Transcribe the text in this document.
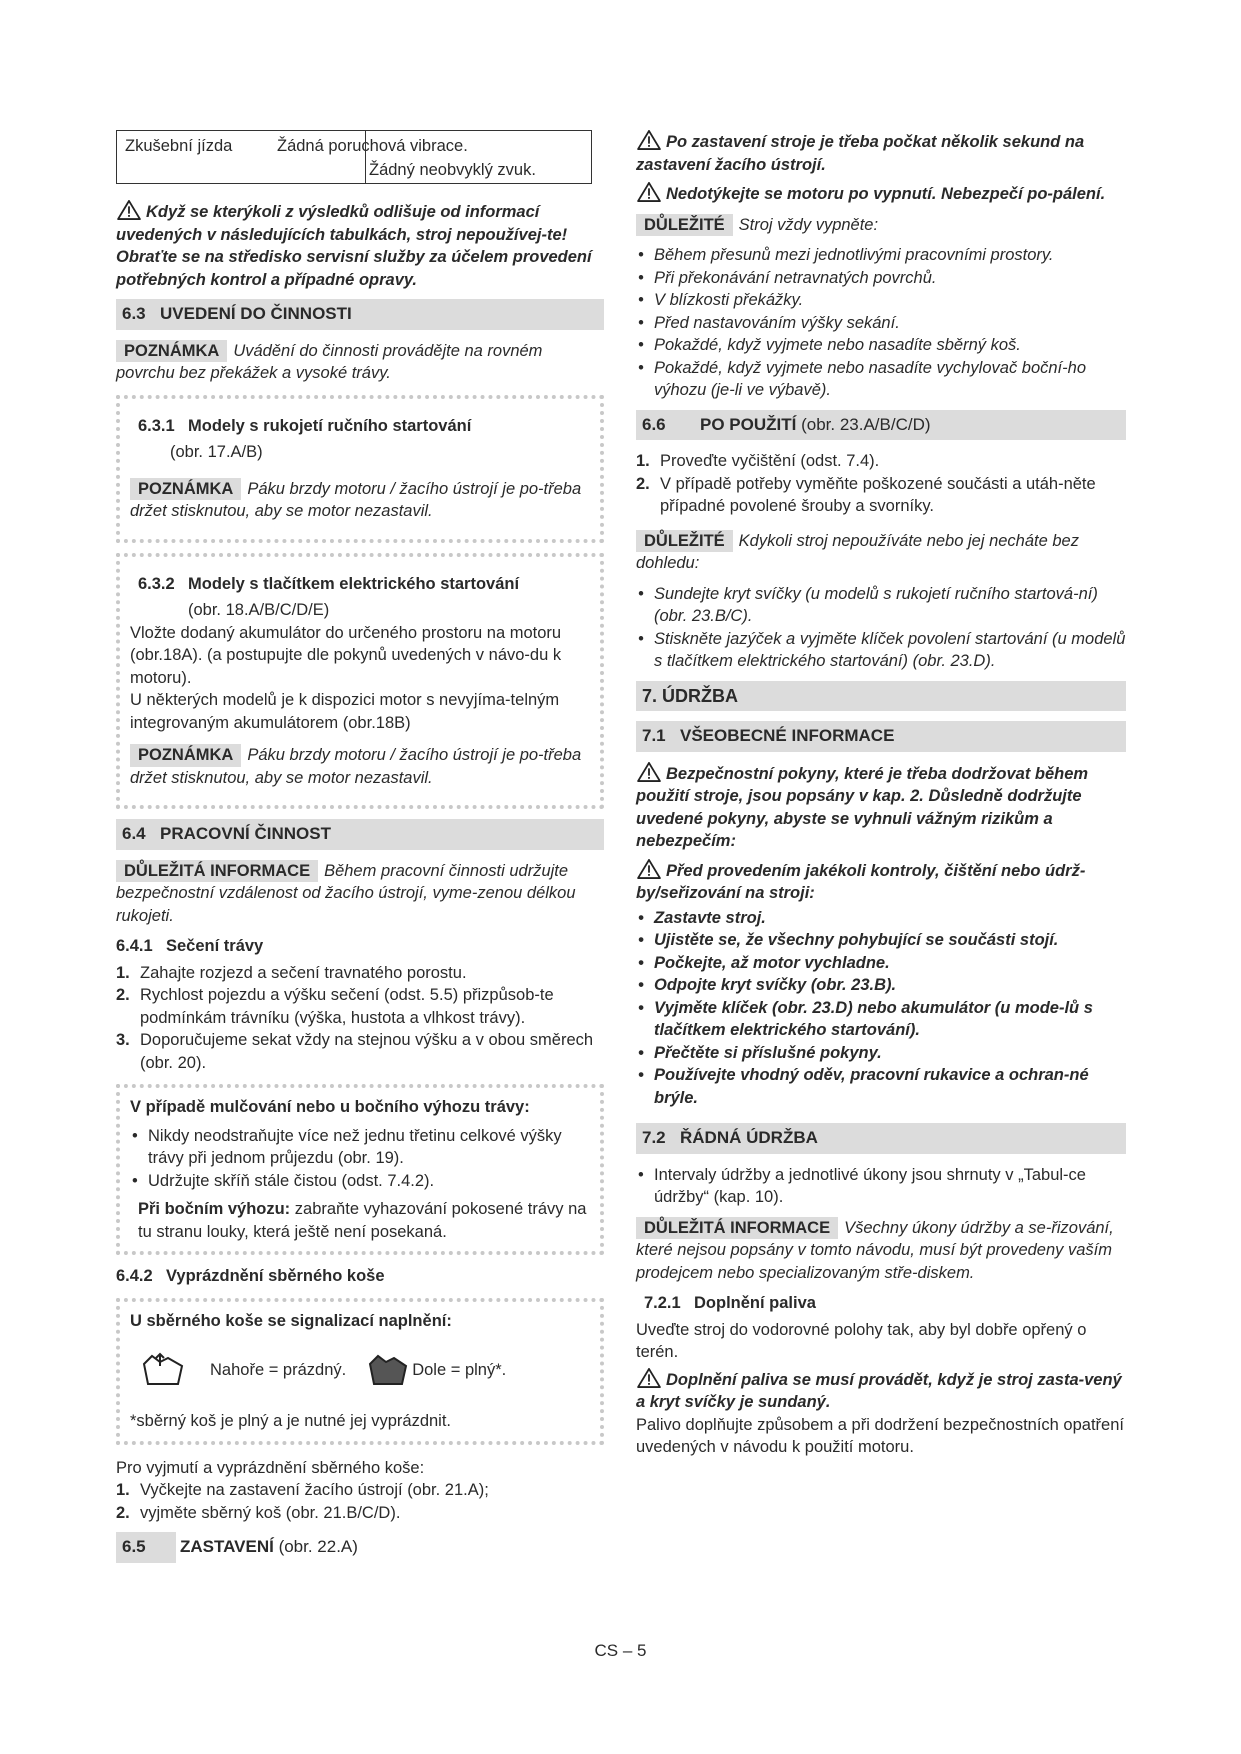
Zkušební jízda	Žádná poruchová vibrace.
Žádný neobvyklý zvuk.

Když se kterýkoli z výsledků odlišuje od informací uvedených v následujících tabulkách, stroj nepoužívej-te! Obraťte se na středisko servisní služby za účelem provedení potřebných kontrol a případné opravy.

6.3 UVEDENÍ DO ČINNOSTI

POZNÁMKA Uvádění do činnosti provádějte na rovném povrchu bez překážek a vysoké trávy.

6.3.1 Modely s rukojetí ručního startování

(obr. 17.A/B)

POZNÁMKA Páku brzdy motoru / žacího ústrojí je po-třeba držet stisknutou, aby se motor nezastavil.

6.3.2 Modely s tlačítkem elektrického startování

(obr. 18.A/B/C/D/E)

Vložte dodaný akumulátor do určeného prostoru na motoru (obr.18A). (a postupujte dle pokynů uvedených v návo-du k motoru).

U některých modelů je k dispozici motor s nevyjíma-telným integrovaným akumulátorem (obr.18B)

POZNÁMKA Páku brzdy motoru / žacího ústrojí je po-třeba držet stisknutou, aby se motor nezastavil.

6.4 PRACOVNÍ ČINNOST

DŮLEŽITÁ INFORMACE Během pracovní činnosti udržujte bezpečnostní vzdálenost od žacího ústrojí, vyme-zenou délkou rukojeti.

6.4.1 Sečení trávy

1. Zahajte rozjezd a sečení travnatého porostu.
2. Rychlost pojezdu a výšku sečení (odst. 5.5) přizpůsob-te podmínkám trávníku (výška, hustota a vlhkost trávy).
3. Doporučujeme sekat vždy na stejnou výšku a v obou směrech (obr. 20).

V případě mulčování nebo u bočního výhozu trávy:

• Nikdy neodstraňujte více než jednu třetinu celkové výšky trávy při jednom průjezdu (obr. 19).
• Udržujte skříň stále čistou (odst. 7.4.2).

Při bočním výhozu: zabraňte vyhazování pokosené trávy na tu stranu louky, která ještě není posekaná.

6.4.2 Vyprázdnění sběrného koše

U sběrného koše se signalizací naplnění:

Nahoře = prázdný.	Dole = plný*.

*sběrný koš je plný a je nutné jej vyprázdnit.

Pro vyjmutí a vyprázdnění sběrného koše:

1. Vyčkejte na zastavení žacího ústrojí (obr. 21.A);
2. vyjměte sběrný koš (obr. 21.B/C/D).
6.5 ZASTAVENÍ (obr. 22.A)

Po zastavení stroje je třeba počkat několik sekund na zastavení žacího ústrojí.

Nedotýkejte se motoru po vypnutí. Nebezpečí po-pálení.

DŮLEŽITÉ Stroj vždy vypněte:

• Během přesunů mezi jednotlivými pracovními prostory.
• Při překonávání netravnatých povrchů.
• V blízkosti překážky.
• Před nastavováním výšky sekání.
• Pokaždé, když vyjmete nebo nasadíte sběrný koš.
• Pokaždé, když vyjmete nebo nasadíte vychylovač boční-ho výhozu (je-li ve výbavě).
6.6 PO POUŽITÍ (obr. 23.A/B/C/D)
1. Proveďte vyčištění (odst. 7.4).
2. V případě potřeby vyměňte poškozené součásti a utáh-něte případné povolené šrouby a svorníky.

DŮLEŽITÉ Kdykoli stroj nepoužíváte nebo jej necháte bez dohledu:

• Sundejte kryt svíčky (u modelů s rukojetí ručního startová-ní) (obr. 23.B/C).
• Stiskněte jazýček a vyjměte klíček povolení startování (u modelů s tlačítkem elektrického startování) (obr. 23.D).
7. ÚDRŽBA
7.1 VŠEOBECNÉ INFORMACE

Bezpečnostní pokyny, které je třeba dodržovat během použití stroje, jsou popsány v kap. 2. Důsledně dodržujte uvedené pokyny, abyste se vyhnuli vážným rizikům a nebezpečím:

Před provedením jakékoli kontroly, čištění nebo údrž-by/seřizování na stroji:

• Zastavte stroj.
• Ujistěte se, že všechny pohybující se součásti stojí.
• Počkejte, až motor vychladne.
• Odpojte kryt svíčky (obr. 23.B).
• Vyjměte klíček (obr. 23.D) nebo akumulátor (u mode-lů s tlačítkem elektrického startování).
• Přečtěte si příslušné pokyny.
• Používejte vhodný oděv, pracovní rukavice a ochran-né brýle.
7.2 ŘÁDNÁ ÚDRŽBA
• Intervaly údržby a jednotlivé úkony jsou shrnuty v „Tabul-ce údržby“ (kap. 10).

DŮLEŽITÁ INFORMACE Všechny úkony údržby a se-řizování, které nejsou popsány v tomto návodu, musí být provedeny vaším prodejcem nebo specializovaným stře-diskem.

7.2.1 Doplnění paliva

Uveďte stroj do vodorovné polohy tak, aby byl dobře opřený o terén.

Doplnění paliva se musí provádět, když je stroj zasta-vený a kryt svíčky je sundaný.

Palivo doplňujte způsobem a při dodržení bezpečnostních opatření uvedených v návodu k použití motoru.

CS – 5
